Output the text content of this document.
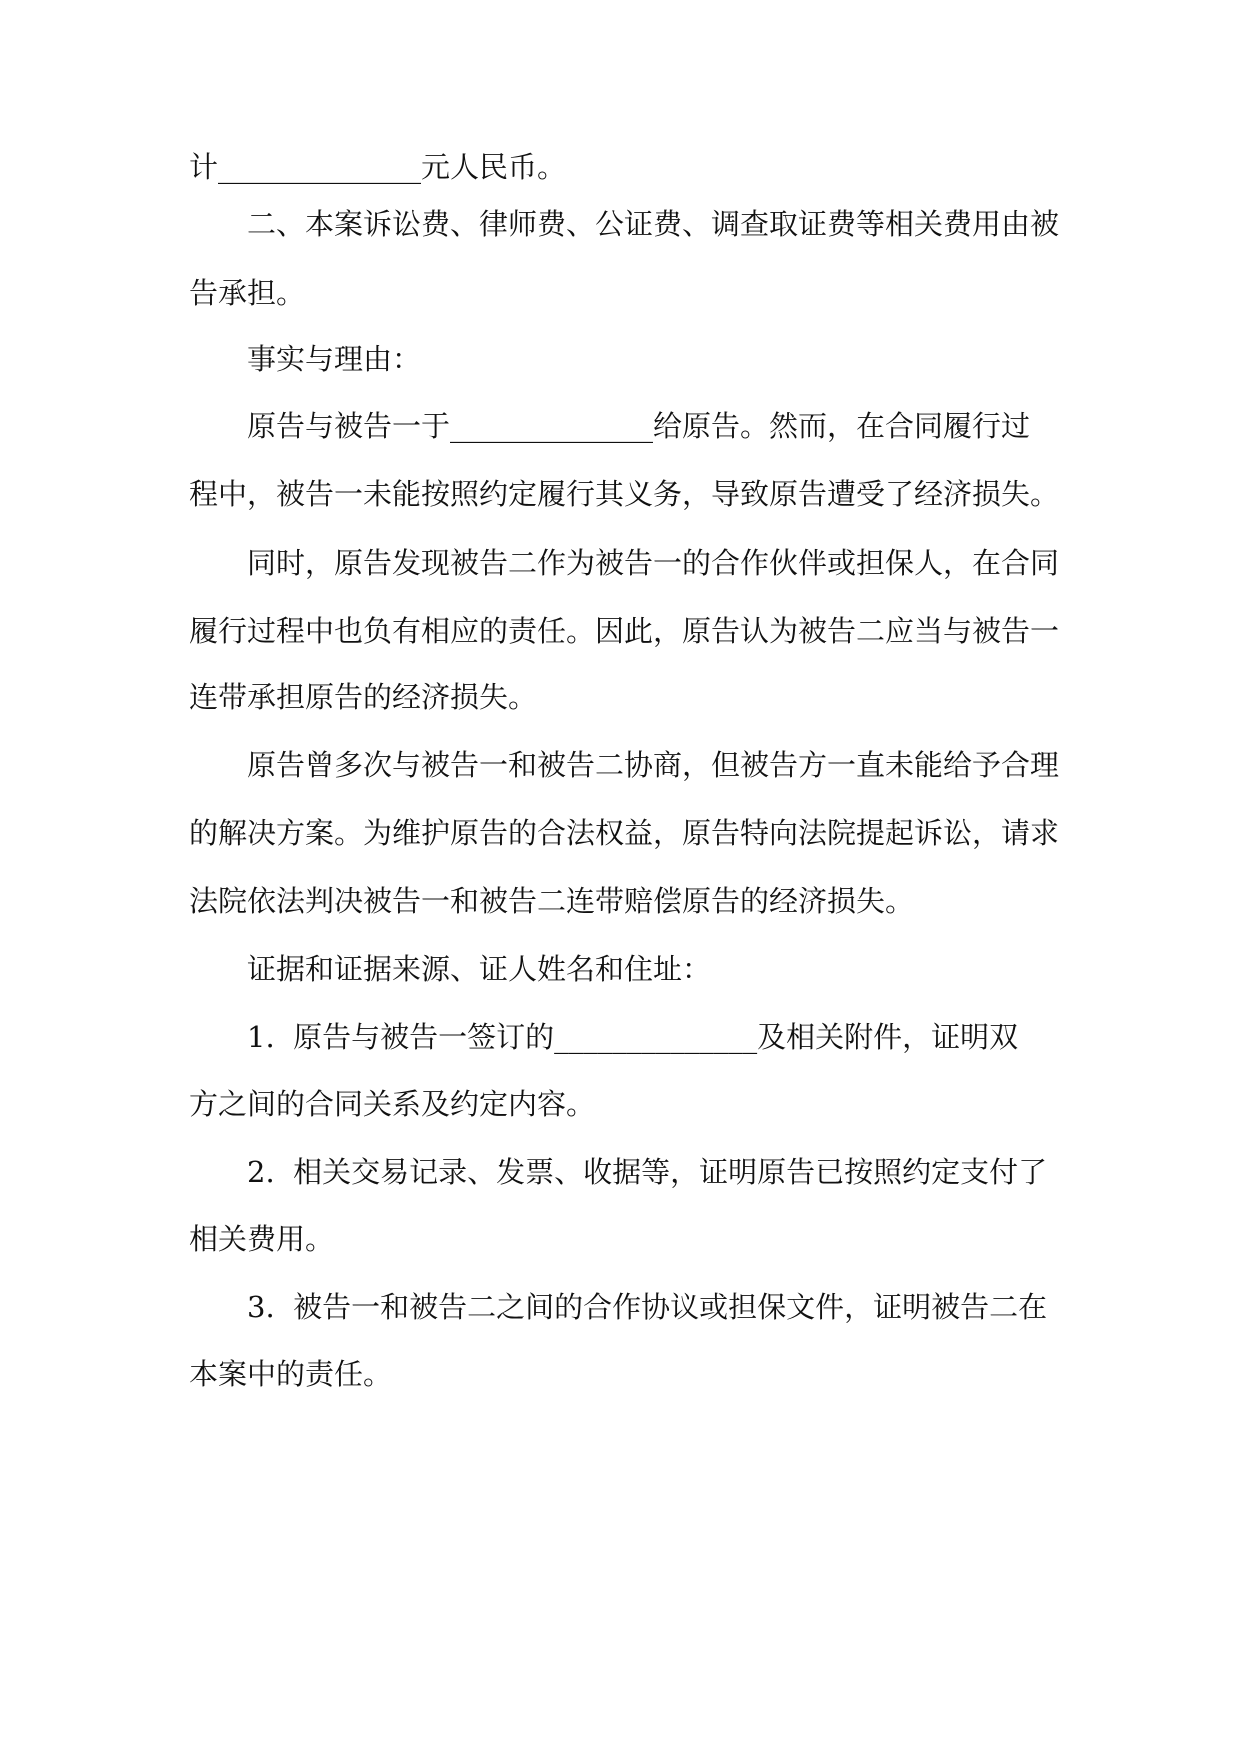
计______________元人民币。
二、本案诉讼费、律师费、公证费、调查取证费等相关费用由被
告承担。
事实与理由：
原告与被告一于______________给原告。然而，在合同履行过
程中，被告一未能按照约定履行其义务，导致原告遭受了经济损失。
同时，原告发现被告二作为被告一的合作伙伴或担保人，在合同
履行过程中也负有相应的责任。因此，原告认为被告二应当与被告一
连带承担原告的经济损失。
原告曾多次与被告一和被告二协商，但被告方一直未能给予合理
的解决方案。为维护原告的合法权益，原告特向法院提起诉讼，请求
法院依法判决被告一和被告二连带赔偿原告的经济损失。
证据和证据来源、证人姓名和住址：
1.  原告与被告一签订的______________及相关附件，证明双
方之间的合同关系及约定内容。
2.  相关交易记录、发票、收据等，证明原告已按照约定支付了
相关费用。
3.  被告一和被告二之间的合作协议或担保文件，证明被告二在
本案中的责任。
